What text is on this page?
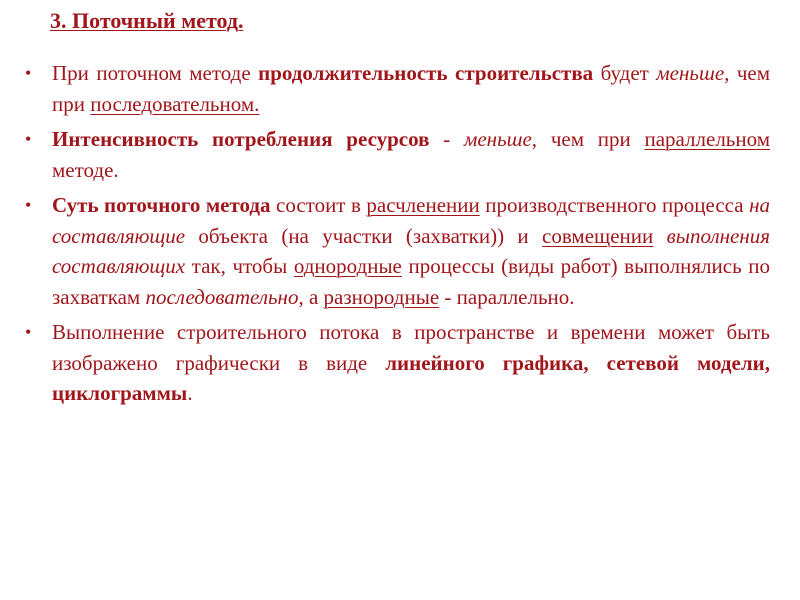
3. Поточный метод.
• При поточном методе продолжительность строительства будет меньше, чем при последовательном.
• Интенсивность потребления ресурсов - меньше, чем при параллельном методе.
• Суть поточного метода состоит в расчленении производственного процесса на составляющие объекта (на участки (захватки)) и совмещении выполнения составляющих так, чтобы однородные процессы (виды работ) выполнялись по захваткам последовательно, а разнородные - параллельно.
• Выполнение строительного потока в пространстве и времени может быть изображено графически в виде линейного графика, сетевой модели, циклограммы.
